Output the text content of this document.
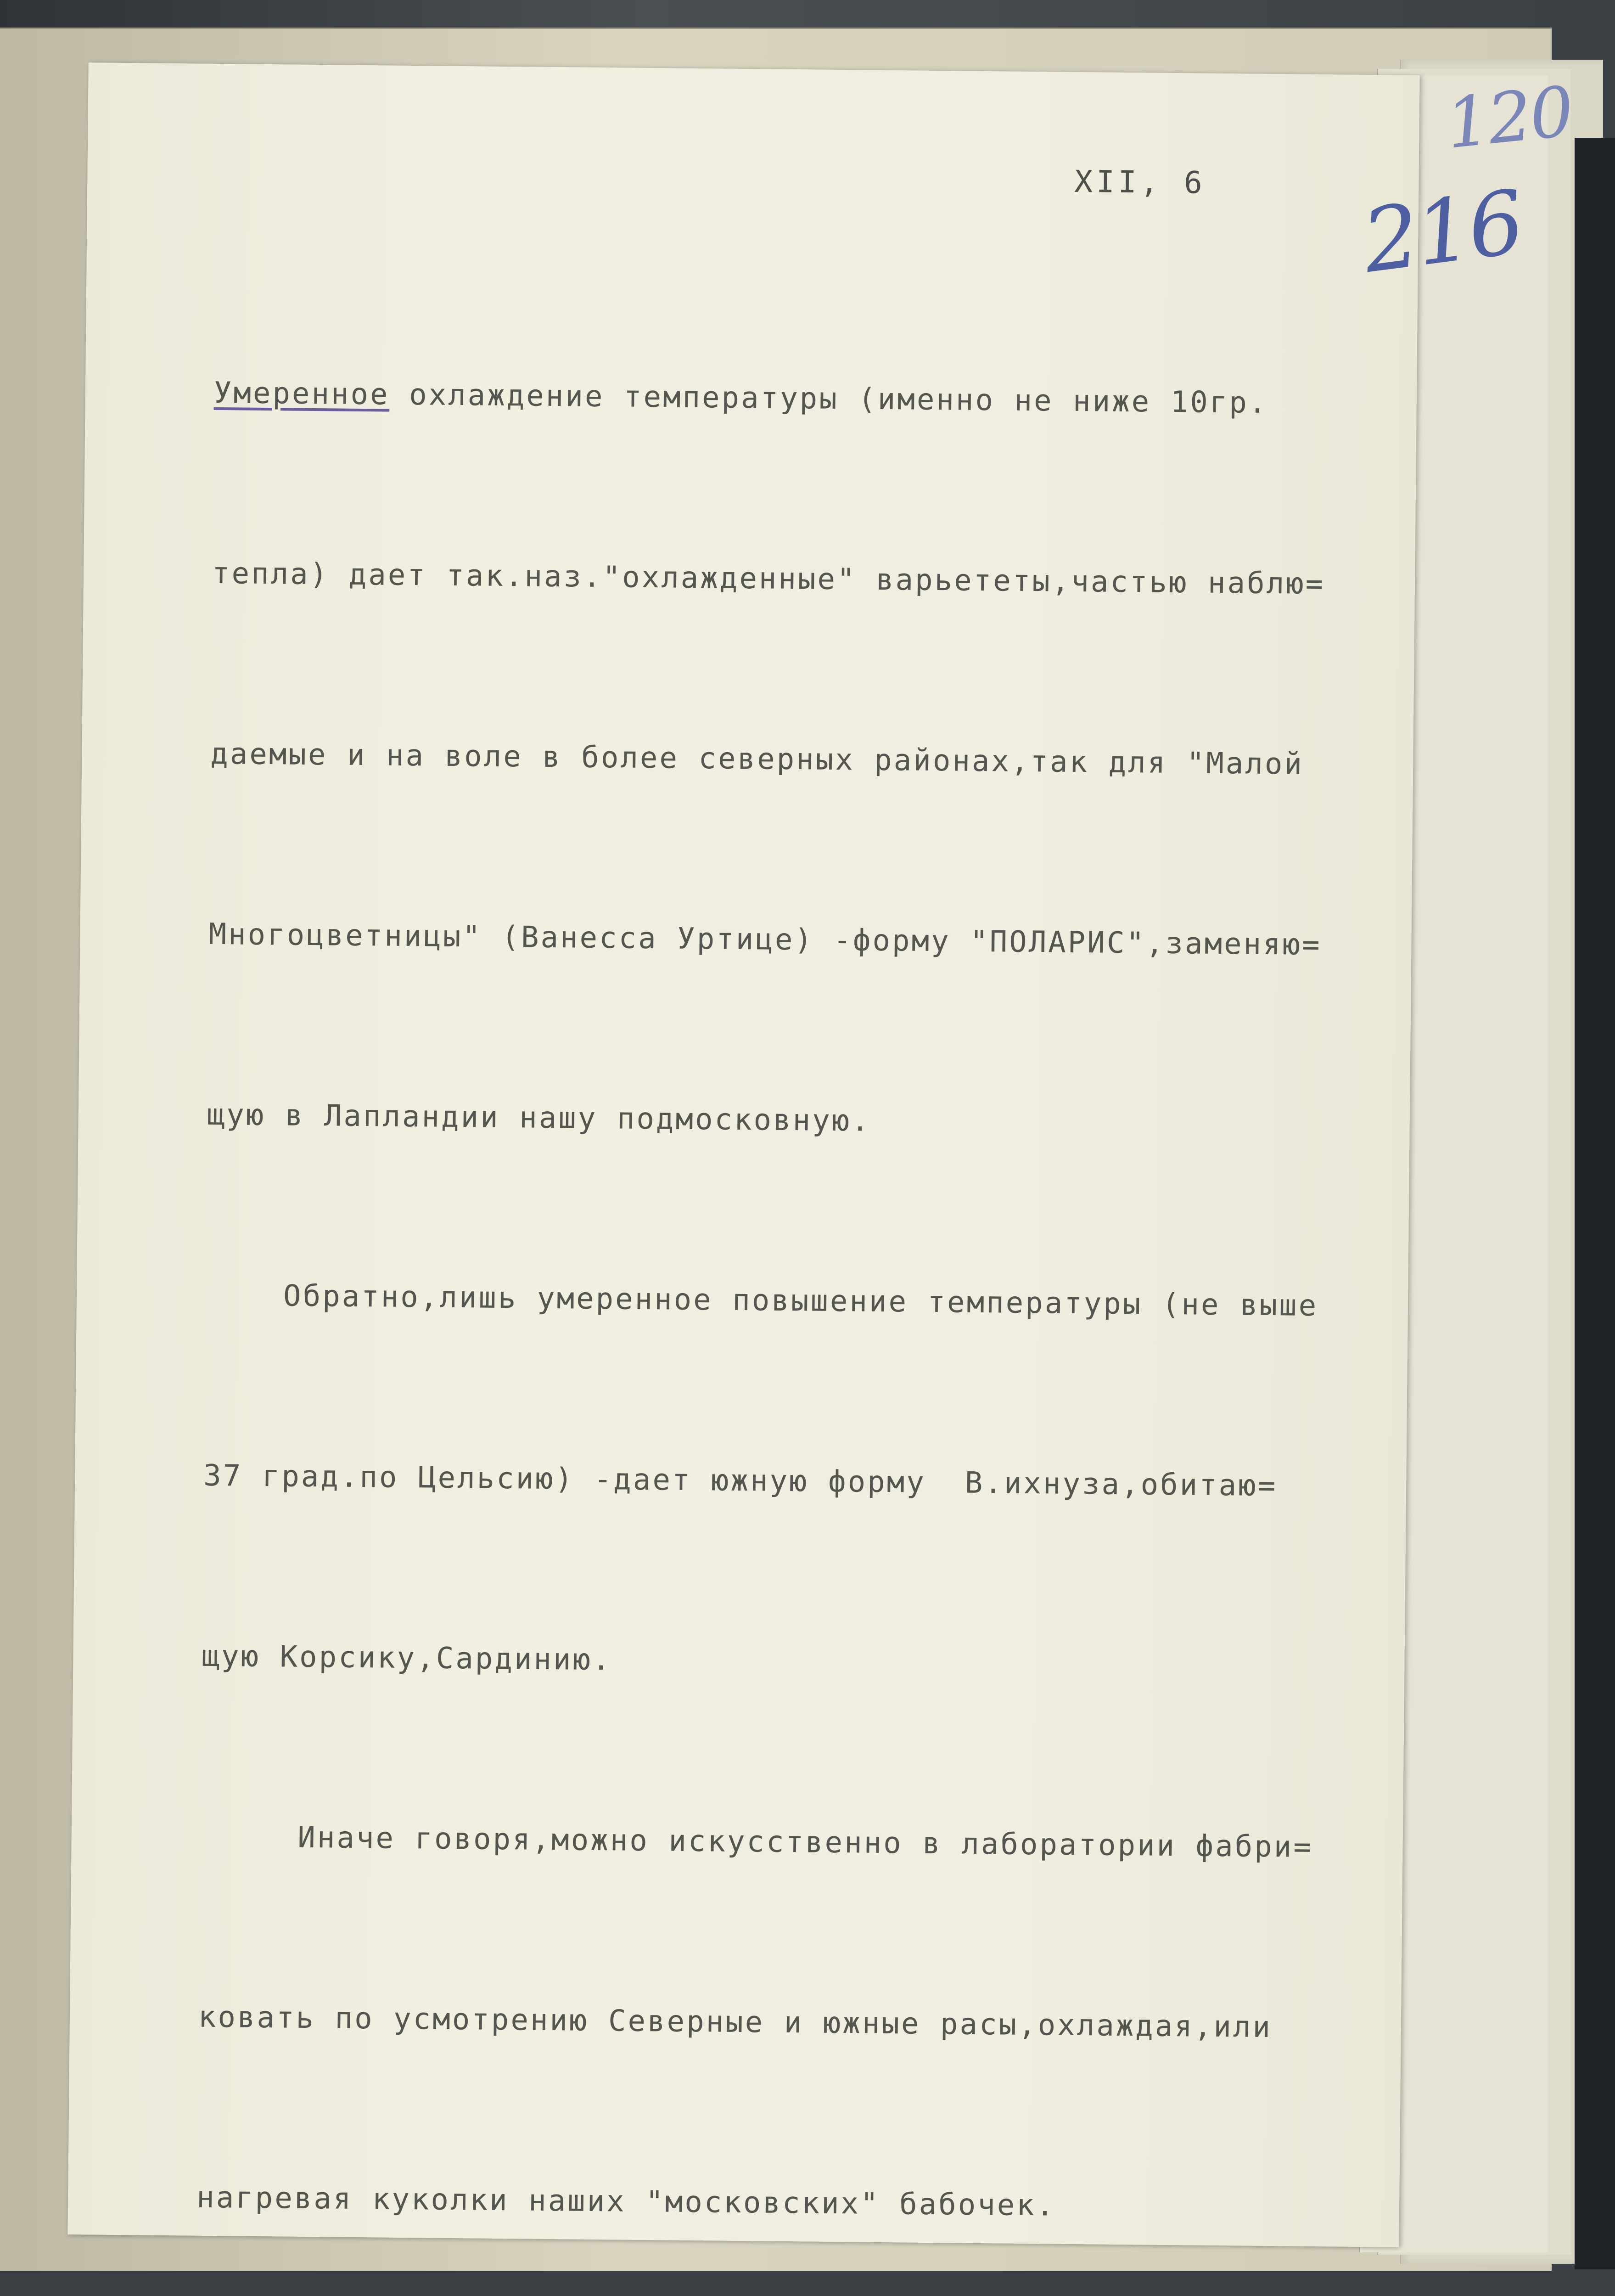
120
XII, 6 216

Умеренное охлаждение температуры (именно не ниже 10гр.

тепла) дает так.наз."охлажденные" варьететы,частью наблю=

даемые и на воле в более северных районах,так для "Малой

Многоцветницы" (Ванесса Уртице) -форму "ПОЛАРИС",заменяю=

щую в Лапландии нашу подмосковную.

Обратно,лишь умеренное повышение температуры (не выше

37 град.по Цельсию) -дает южную форму  В.ихнуза,обитаю=

щую Корсику,Сардинию.

Иначе говоря,можно искусственно в лаборатории фабри=

ковать по усмотрению Северные и южные расы,охлаждая,или

нагревая куколки наших "московских" бабочек.
